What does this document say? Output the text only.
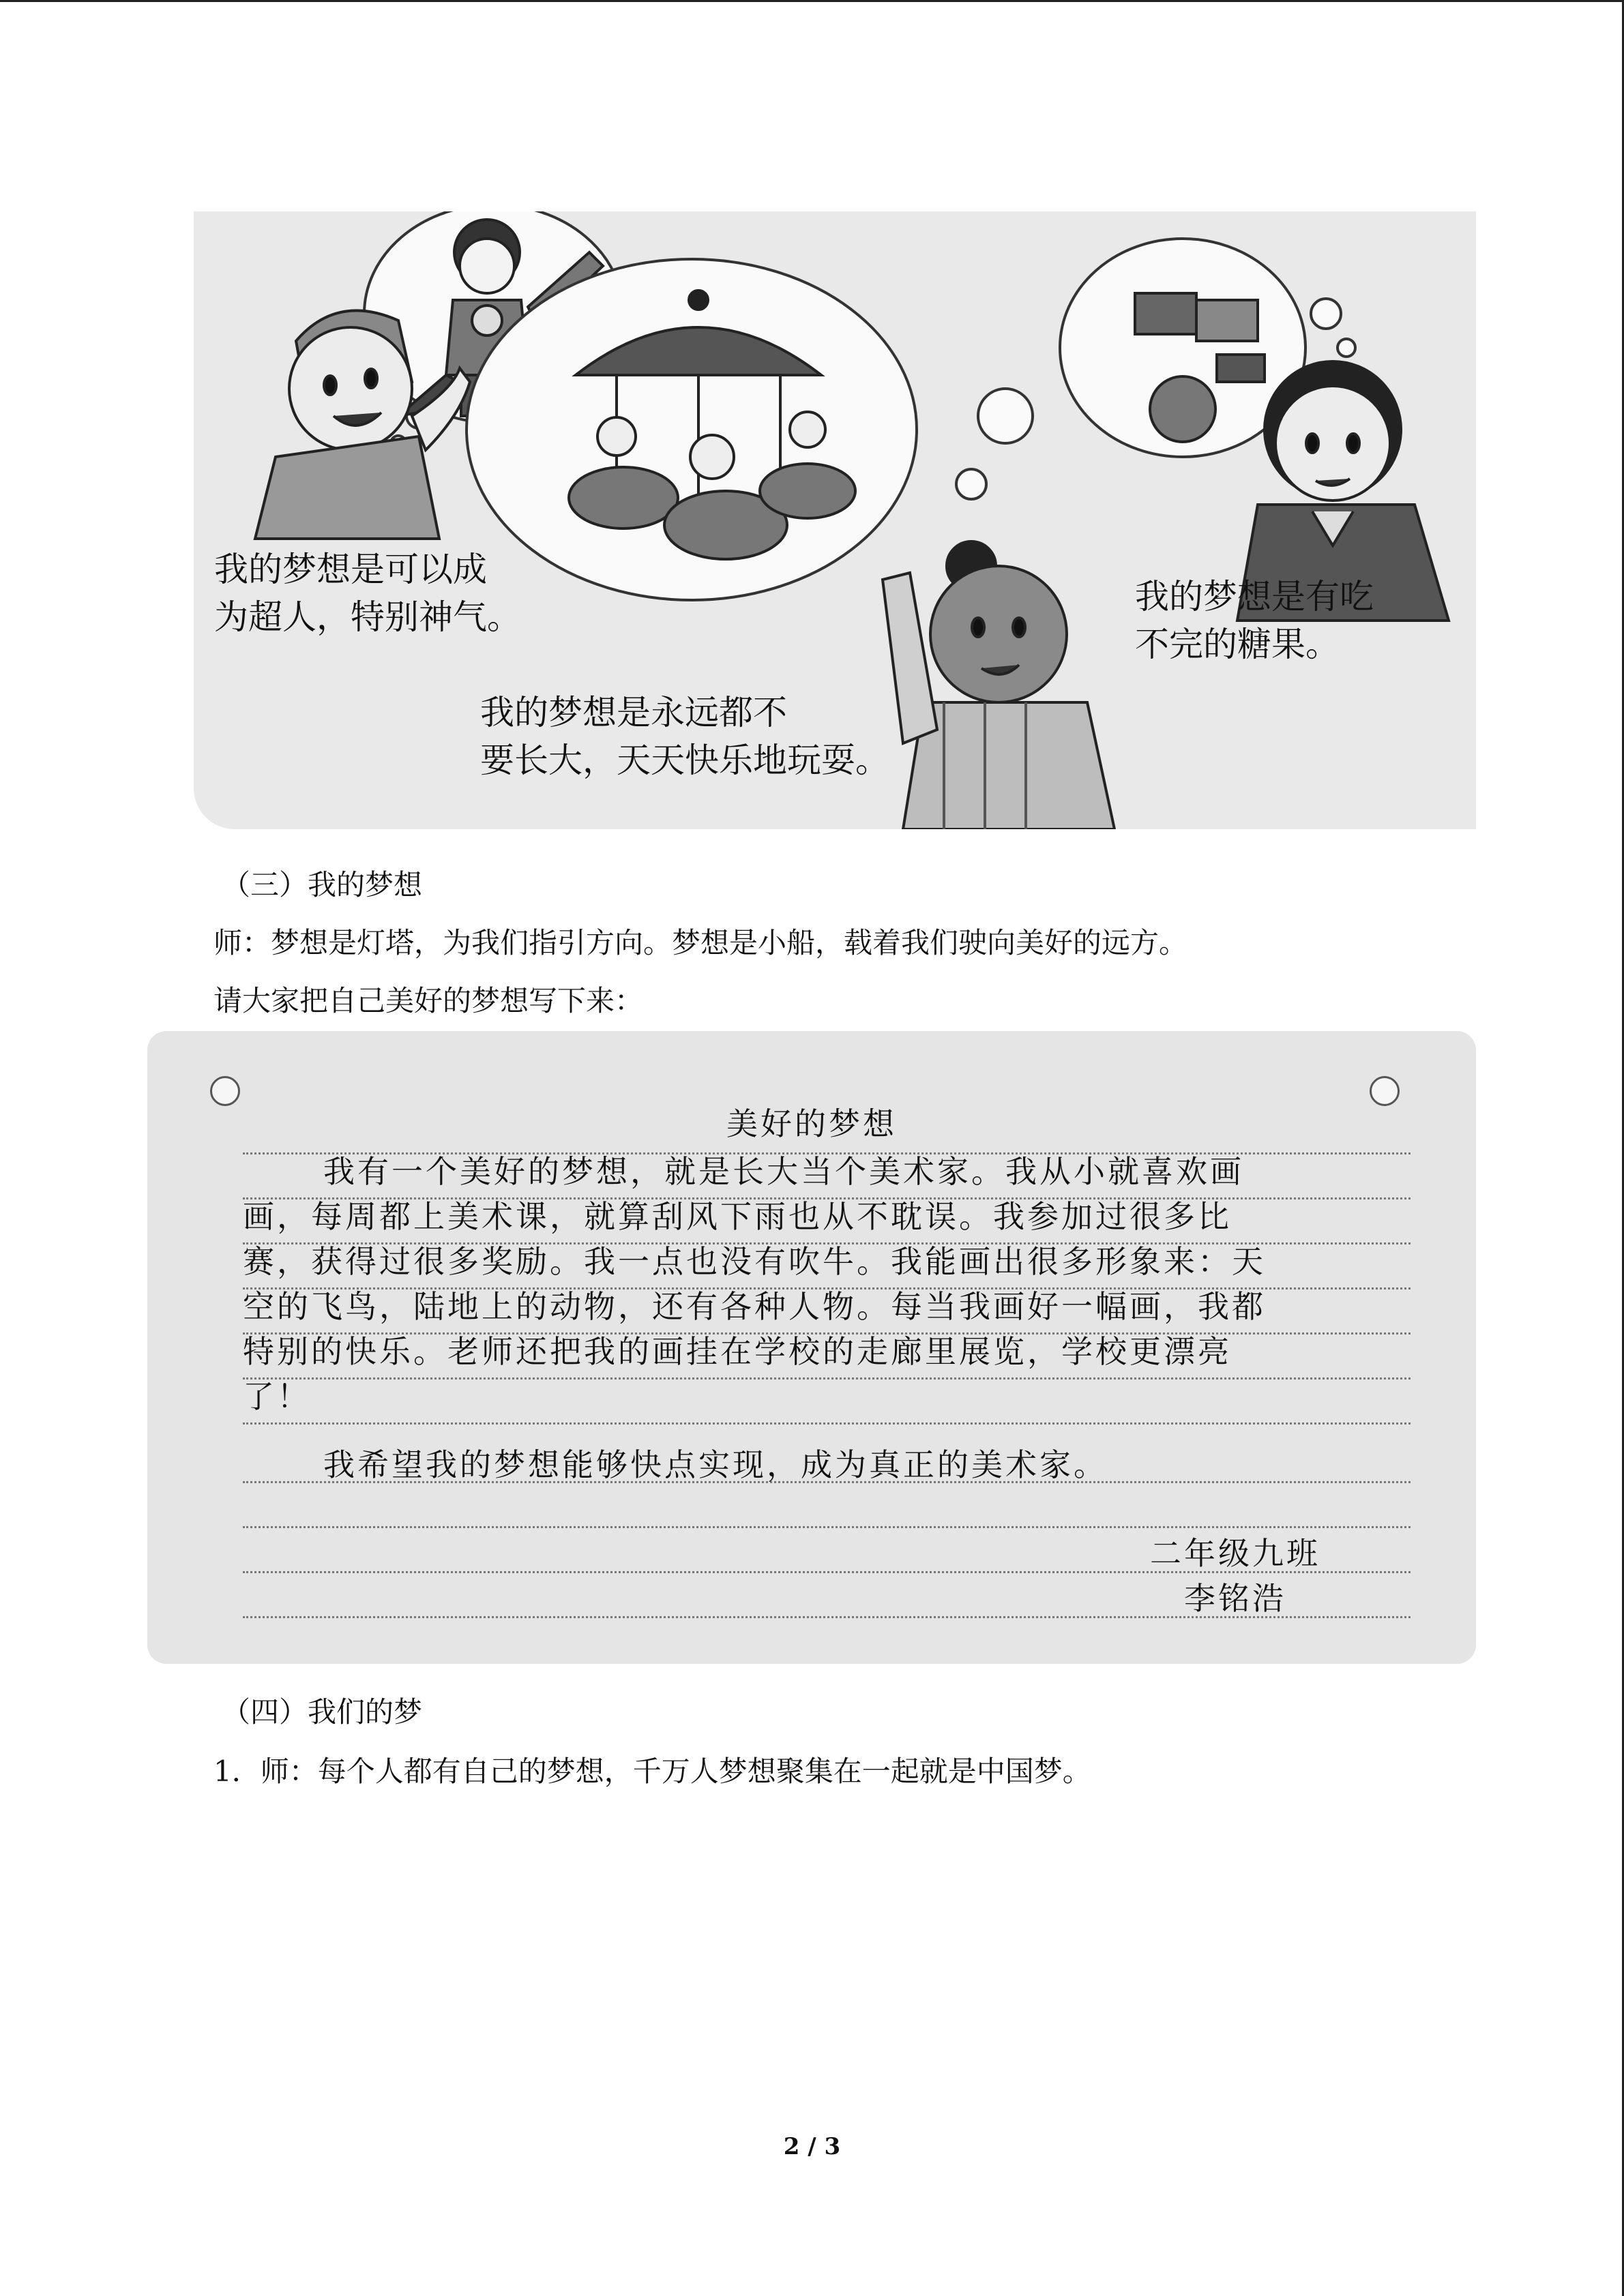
我的梦想是可以成
为超人，特别神气。
我的梦想是永远都不
要长大，天天快乐地玩耍。
我的梦想是有吃
不完的糖果。
（三）我的梦想
师：梦想是灯塔，为我们指引方向。梦想是小船，载着我们驶向美好的远方。
请大家把自己美好的梦想写下来：
美好的梦想
我有一个美好的梦想，就是长大当个美术家。我从小就喜欢画
画，每周都上美术课，就算刮风下雨也从不耽误。我参加过很多比
赛，获得过很多奖励。我一点也没有吹牛。我能画出很多形象来：天
空的飞鸟，陆地上的动物，还有各种人物。每当我画好一幅画，我都
特别的快乐。老师还把我的画挂在学校的走廊里展览，学校更漂亮
了！
我希望我的梦想能够快点实现，成为真正的美术家。
二年级九班
李铭浩
（四）我们的梦
1．师：每个人都有自己的梦想，千万人梦想聚集在一起就是中国梦。
2 / 3
